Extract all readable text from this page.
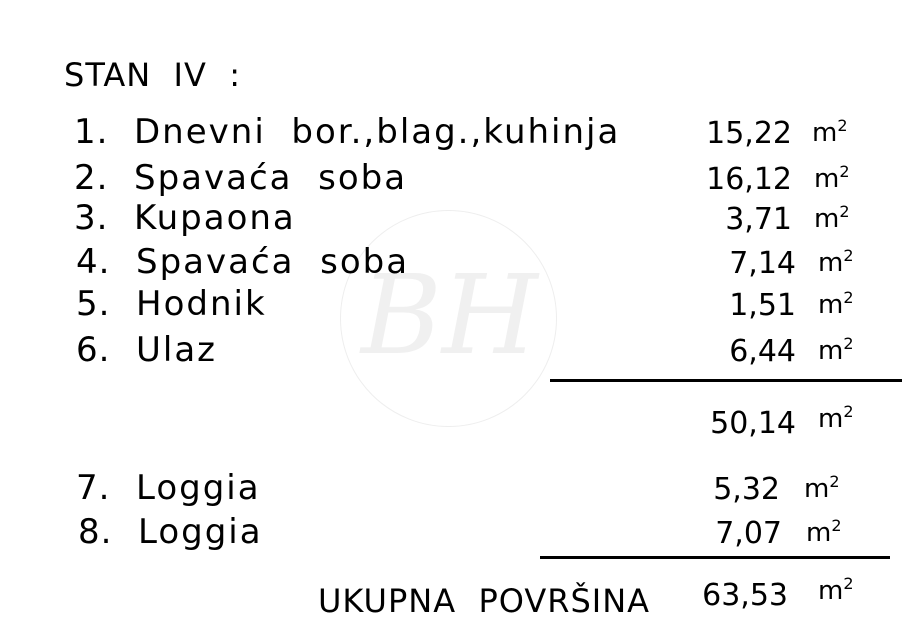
BH
STAN  IV  :
1. Dnevni  bor.,blag.,kuhinja	15,22 $m^2$
2. Spavaća  soba	16,12 $m^2$
3. Kupaona	3,71 $m^2$
4. Spavaća  soba	7,14 $m^2$
5. Hodnik	1,51 $m^2$
6. Ulaz	6,44 $m^2$
50,14 $m^2$
7. Loggia	5,32 $m^2$
8. Loggia	7,07 $m^2$
UKUPNA  POVRŠINA	63,53 $m^2$
